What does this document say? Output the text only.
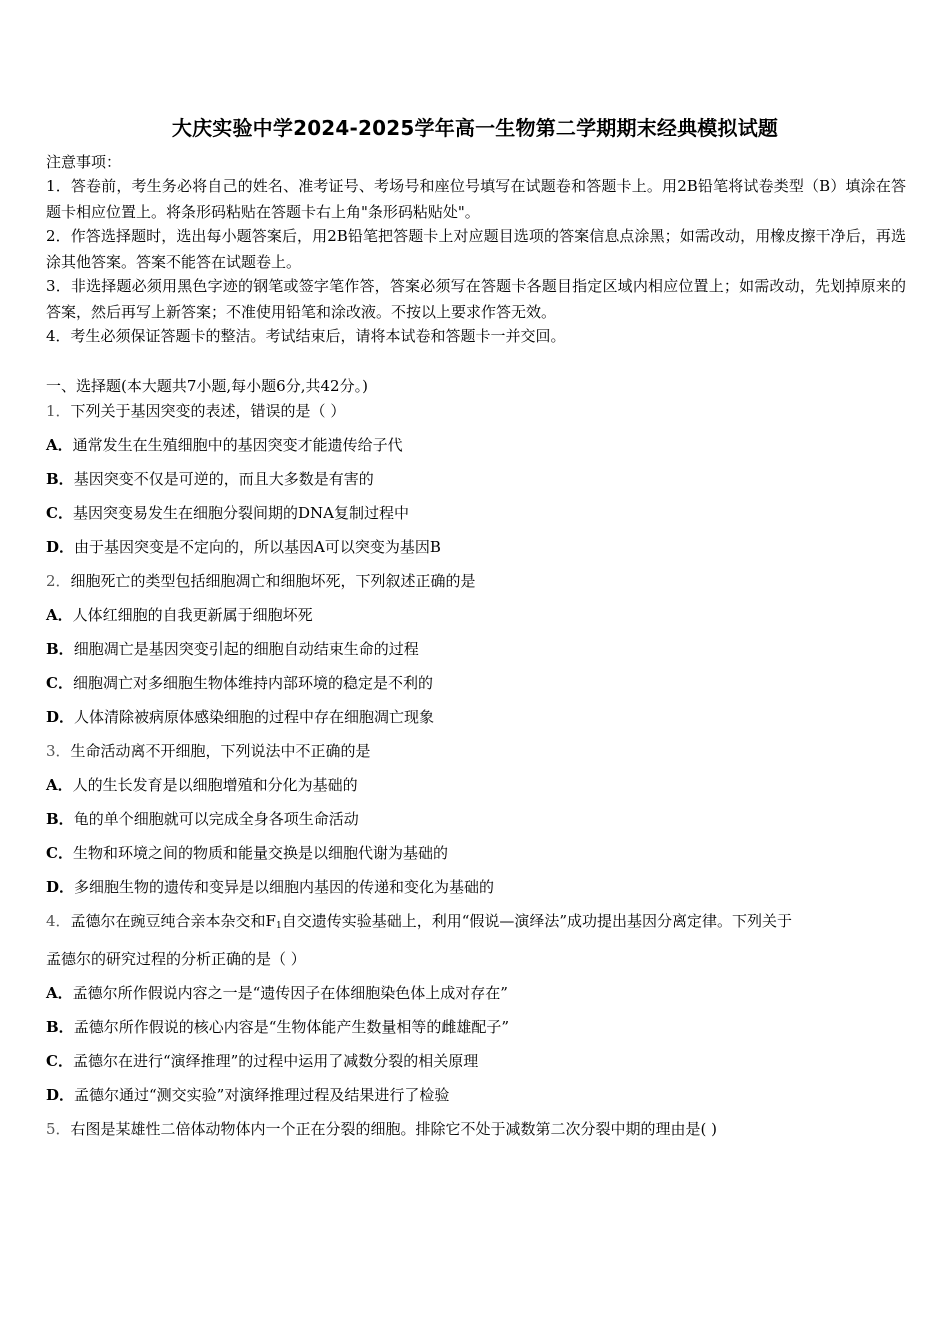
大庆实验中学2024-2025学年高一生物第二学期期末经典模拟试题
注意事项：
1．答卷前，考生务必将自己的姓名、准考证号、考场号和座位号填写在试题卷和答题卡上。用2B铅笔将试卷类型（B）填涂在答题卡相应位置上。将条形码粘贴在答题卡右上角"条形码粘贴处"。
2．作答选择题时，选出每小题答案后，用2B铅笔把答题卡上对应题目选项的答案信息点涂黑；如需改动，用橡皮擦干净后，再选涂其他答案。答案不能答在试题卷上。
3．非选择题必须用黑色字迹的钢笔或签字笔作答，答案必须写在答题卡各题目指定区域内相应位置上；如需改动，先划掉原来的答案，然后再写上新答案；不准使用铅笔和涂改液。不按以上要求作答无效。
4．考生必须保证答题卡的整洁。考试结束后，请将本试卷和答题卡一并交回。
一、选择题(本大题共7小题,每小题6分,共42分。)
1．下列关于基因突变的表述，错误的是（ ）
A．通常发生在生殖细胞中的基因突变才能遗传给子代
B．基因突变不仅是可逆的，而且大多数是有害的
C．基因突变易发生在细胞分裂间期的DNA复制过程中
D．由于基因突变是不定向的，所以基因A可以突变为基因B
2．细胞死亡的类型包括细胞凋亡和细胞坏死，下列叙述正确的是
A．人体红细胞的自我更新属于细胞坏死
B．细胞凋亡是基因突变引起的细胞自动结束生命的过程
C．细胞凋亡对多细胞生物体维持内部环境的稳定是不利的
D．人体清除被病原体感染细胞的过程中存在细胞凋亡现象
3．生命活动离不开细胞，下列说法中不正确的是
A．人的生长发育是以细胞增殖和分化为基础的
B．龟的单个细胞就可以完成全身各项生命活动
C．生物和环境之间的物质和能量交换是以细胞代谢为基础的
D．多细胞生物的遗传和变异是以细胞内基因的传递和变化为基础的
4．孟德尔在豌豆纯合亲本杂交和$F_1$自交遗传实验基础上，利用“假说—演绎法”成功提出基因分离定律。下列关于
孟德尔的研究过程的分析正确的是（ ）
A．孟德尔所作假说内容之一是“遗传因子在体细胞染色体上成对存在”
B．孟德尔所作假说的核心内容是“生物体能产生数量相等的雌雄配子”
C．孟德尔在进行“演绎推理”的过程中运用了减数分裂的相关原理
D．孟德尔通过“测交实验”对演绎推理过程及结果进行了检验
5．右图是某雄性二倍体动物体内一个正在分裂的细胞。排除它不处于减数第二次分裂中期的理由是( )
